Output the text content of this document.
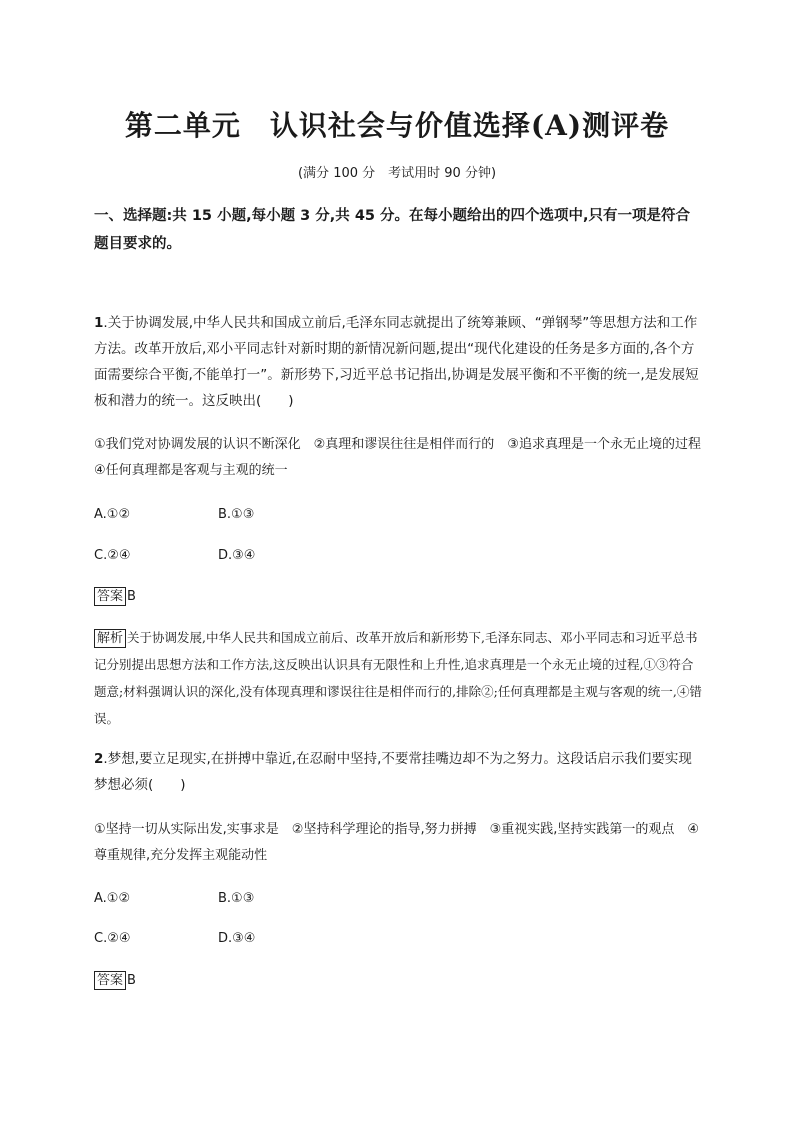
第二单元　认识社会与价值选择(A)测评卷
(满分 100 分　考试用时 90 分钟)
一、选择题:共 15 小题,每小题 3 分,共 45 分。在每小题给出的四个选项中,只有一项是符合题目要求的。
1.关于协调发展,中华人民共和国成立前后,毛泽东同志就提出了统筹兼顾、“弹钢琴”等思想方法和工作方法。改革开放后,邓小平同志针对新时期的新情况新问题,提出“现代化建设的任务是多方面的,各个方面需要综合平衡,不能单打一”。新形势下,习近平总书记指出,协调是发展平衡和不平衡的统一,是发展短板和潜力的统一。这反映出(　　)
①我们党对协调发展的认识不断深化　②真理和谬误往往是相伴而行的　③追求真理是一个永无止境的过程　④任何真理都是客观与主观的统一
A.①②	B.①③
C.②④	D.③④
答案 B
解析 关于协调发展,中华人民共和国成立前后、改革开放后和新形势下,毛泽东同志、邓小平同志和习近平总书记分别提出思想方法和工作方法,这反映出认识具有无限性和上升性,追求真理是一个永无止境的过程,①③符合题意;材料强调认识的深化,没有体现真理和谬误往往是相伴而行的,排除②;任何真理都是主观与客观的统一,④错误。
2.梦想,要立足现实,在拼搏中靠近,在忍耐中坚持,不要常挂嘴边却不为之努力。这段话启示我们要实现梦想必须(　　)
①坚持一切从实际出发,实事求是　②坚持科学理论的指导,努力拼搏　③重视实践,坚持实践第一的观点　④尊重规律,充分发挥主观能动性
A.①②	B.①③
C.②④	D.③④
答案 B
